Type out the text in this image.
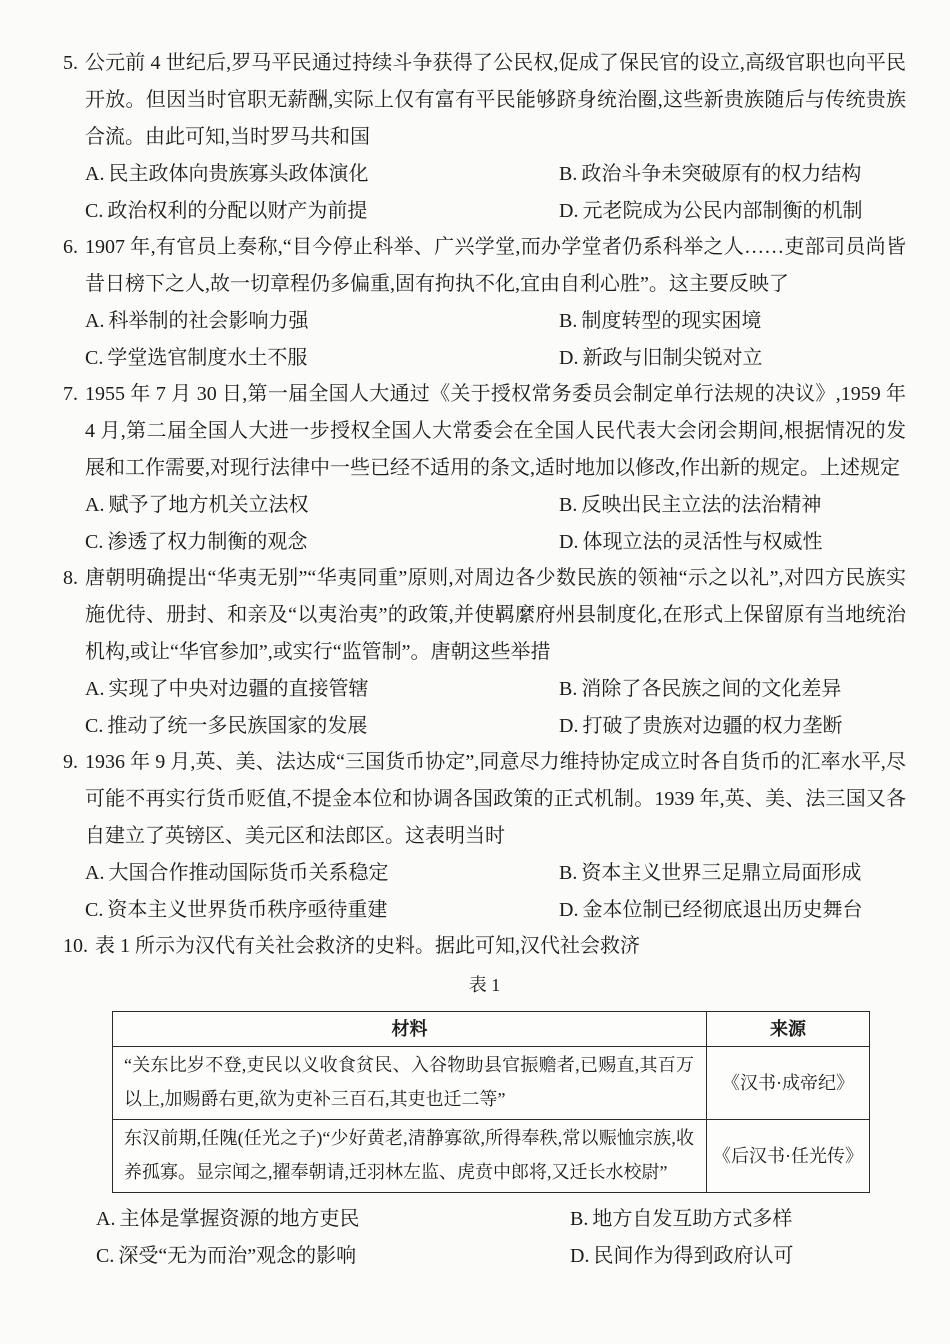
5. 公元前 4 世纪后,罗马平民通过持续斗争获得了公民权,促成了保民官的设立,高级官职也向平民开放。但因当时官职无薪酬,实际上仅有富有平民能够跻身统治圈,这些新贵族随后与传统贵族合流。由此可知,当时罗马共和国
A. 民主政体向贵族寡头政体演化	B. 政治斗争未突破原有的权力结构
C. 政治权利的分配以财产为前提	D. 元老院成为公民内部制衡的机制
6. 1907 年,有官员上奏称,“目今停止科举、广兴学堂,而办学堂者仍系科举之人……吏部司员尚皆昔日榜下之人,故一切章程仍多偏重,固有拘执不化,宜由自利心胜”。这主要反映了
A. 科举制的社会影响力强	B. 制度转型的现实困境
C. 学堂选官制度水土不服	D. 新政与旧制尖锐对立
7. 1955 年 7 月 30 日,第一届全国人大通过《关于授权常务委员会制定单行法规的决议》,1959 年 4 月,第二届全国人大进一步授权全国人大常委会在全国人民代表大会闭会期间,根据情况的发展和工作需要,对现行法律中一些已经不适用的条文,适时地加以修改,作出新的规定。上述规定
A. 赋予了地方机关立法权	B. 反映出民主立法的法治精神
C. 渗透了权力制衡的观念	D. 体现立法的灵活性与权威性
8. 唐朝明确提出“华夷无别”“华夷同重”原则,对周边各少数民族的领袖“示之以礼”,对四方民族实施优待、册封、和亲及“以夷治夷”的政策,并使羁縻府州县制度化,在形式上保留原有当地统治机构,或让“华官参加”,或实行“监管制”。唐朝这些举措
A. 实现了中央对边疆的直接管辖	B. 消除了各民族之间的文化差异
C. 推动了统一多民族国家的发展	D. 打破了贵族对边疆的权力垄断
9. 1936 年 9 月,英、美、法达成“三国货币协定”,同意尽力维持协定成立时各自货币的汇率水平,尽可能不再实行货币贬值,不提金本位和协调各国政策的正式机制。1939 年,英、美、法三国又各自建立了英镑区、美元区和法郎区。这表明当时
A. 大国合作推动国际货币关系稳定	B. 资本主义世界三足鼎立局面形成
C. 资本主义世界货币秩序亟待重建	D. 金本位制已经彻底退出历史舞台
10. 表 1 所示为汉代有关社会救济的史料。据此可知,汉代社会救济
表 1
材料	来源
“关东比岁不登,吏民以义收食贫民、入谷物助县官振赡者,已赐直,其百万以上,加赐爵右更,欲为吏补三百石,其吏也迁二等”	《汉书·成帝纪》
东汉前期,任隗(任光之子)“少好黄老,清静寡欲,所得奉秩,常以赈恤宗族,收养孤寡。显宗闻之,擢奉朝请,迁羽林左监、虎贲中郎将,又迁长水校尉”	《后汉书·任光传》
A. 主体是掌握资源的地方吏民	B. 地方自发互助方式多样
C. 深受“无为而治”观念的影响	D. 民间作为得到政府认可
